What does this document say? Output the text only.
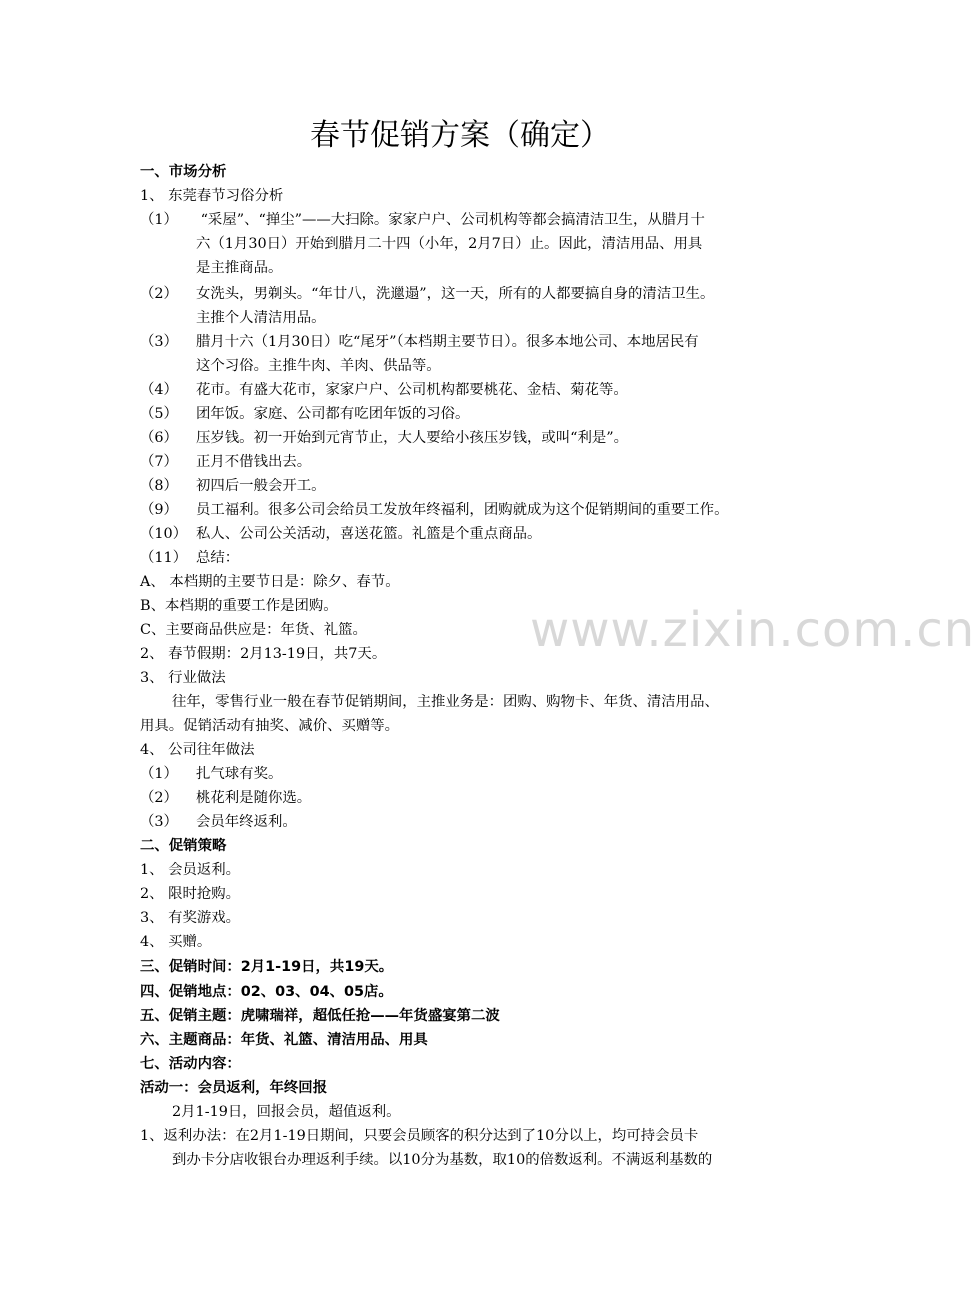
www.zixin.com.cn
春节促销方案（确定）
一、市场分析
1、 东莞春节习俗分析
（1） “采屋”、“掸尘”——大扫除。家家户户、公司机构等都会搞清洁卫生，从腊月十
六（1月30日）开始到腊月二十四（小年，2月7日）止。因此，清洁用品、用具
是主推商品。
（2） 女洗头，男剃头。“年廿八，洗邋遢”，这一天，所有的人都要搞自身的清洁卫生。
主推个人清洁用品。
（3） 腊月十六（1月30日）吃“尾牙”（本档期主要节日）。很多本地公司、本地居民有
这个习俗。主推牛肉、羊肉、供品等。
（4） 花市。有盛大花市，家家户户、公司机构都要桃花、金桔、菊花等。
（5） 团年饭。家庭、公司都有吃团年饭的习俗。
（6） 压岁钱。初一开始到元宵节止，大人要给小孩压岁钱，或叫“利是”。
（7） 正月不借钱出去。
（8） 初四后一般会开工。
（9） 员工福利。很多公司会给员工发放年终福利，团购就成为这个促销期间的重要工作。
（10） 私人、公司公关活动，喜送花篮。礼篮是个重点商品。
（11） 总结：
A、 本档期的主要节日是：除夕、春节。
B、本档期的重要工作是团购。
C、主要商品供应是：年货、礼篮。
2、 春节假期：2月13-19日，共7天。
3、 行业做法
往年，零售行业一般在春节促销期间，主推业务是：团购、购物卡、年货、清洁用品、
用具。促销活动有抽奖、减价、买赠等。
4、 公司往年做法
（1） 扎气球有奖。
（2） 桃花利是随你选。
（3） 会员年终返利。
二、促销策略
1、 会员返利。
2、 限时抢购。
3、 有奖游戏。
4、 买赠。
三、促销时间：2月1-19日，共19天。
四、促销地点：02、03、04、05店。
五、促销主题：虎啸瑞祥，超低任抢——年货盛宴第二波
六、主题商品：年货、礼篮、清洁用品、用具
七、活动内容：
活动一：会员返利，年终回报
2月1-19日，回报会员，超值返利。
1、返利办法：在2月1-19日期间，只要会员顾客的积分达到了10分以上，均可持会员卡
到办卡分店收银台办理返利手续。以10分为基数，取10的倍数返利。不满返利基数的
